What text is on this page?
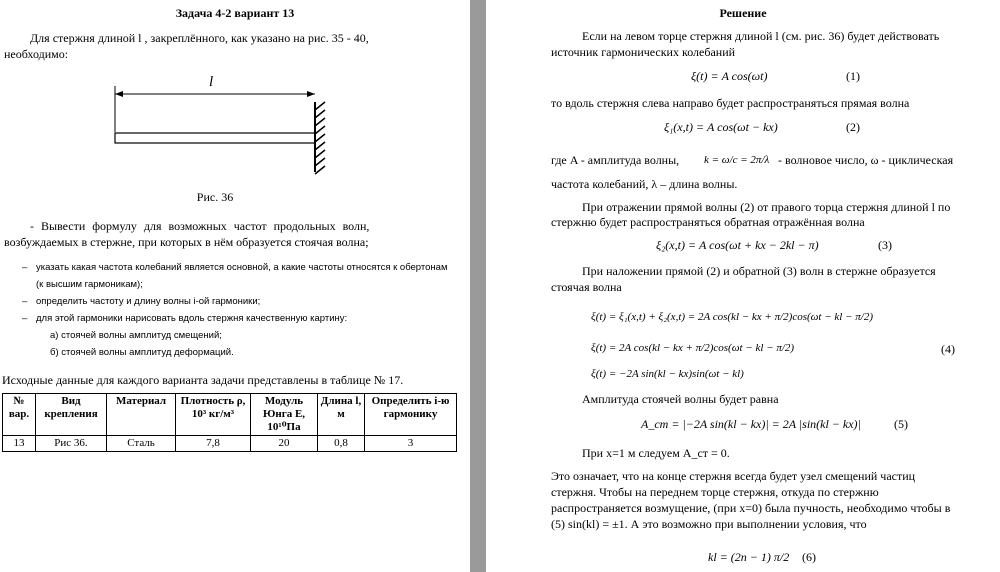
Задача 4-2 вариант 13
Для стержня длиной l , закреплённого, как указано на рис. 35 - 40,
необходимо:
l
Рис. 36
- Вывести формулу для возможных частот продольных волн,
возбуждаемых в стержне, при которых в нём образуется стоячая волна;
– указать какая частота колебаний является основной, а какие частоты относятся к обертонам
(к высшим гармоникам);
– определить частоту и длину волны i-ой гармоники;
– для этой гармоники нарисовать вдоль стержня качественную картину:
а) стоячей волны амплитуд смещений;
б) стоячей волны амплитуд деформаций.
Исходные данные для каждого варианта задачи представлены в таблице № 17.
№ вар.	Вид крепления	Материал	Плотность ρ, 10³ кг/м³	Модуль Юнга E, 10¹⁰Па	Длина l, м	Определить i-ю гармонику
13	Рис 36.	Сталь	7,8	20	0,8	3
Решение
Если на левом торце стержня длиной l (см. рис. 36) будет действовать
источник гармонических колебаний
ξ(t) = A cos(ωt)	(1)
то вдоль стержня слева направо будет распространяться прямая волна
ξ₁(x,t) = A cos(ωt − kx)	(2)
где A - амплитуда волны, k = ω/c = 2π/λ - волновое число, ω - циклическая
частота колебаний, λ – длина волны.
При отражении прямой волны (2) от правого торца стержня длиной l по
стержню будет распространяться обратная отражённая волна
ξ₂(x,t) = A cos(ωt + kx − 2kl − π)	(3)
При наложении прямой (2) и обратной (3) волн в стержне образуется
стоячая волна
ξ(t) = ξ₁(x,t) + ξ₂(x,t) = 2A cos(kl − kx + π/2)cos(ωt − kl − π/2)
ξ(t) = 2A cos(kl − kx + π/2)cos(ωt − kl − π/2)	(4)
ξ(t) = −2A sin(kl − kx)sin(ωt − kl)
Амплитуда стоячей волны будет равна
A_ст = |−2A sin(kl − kx)| = 2A |sin(kl − kx)|	(5)
При x=1 м следуем A_ст = 0.
Это означает, что на конце стержня всегда будет узел смещений частиц
стержня. Чтобы на переднем торце стержня, откуда по стержню
распространяется возмущение, (при x=0) была пучность, необходимо чтобы в
(5) sin(kl) = ±1. А это возможно при выполнении условия, что
kl = (2n − 1) π/2 (6)
